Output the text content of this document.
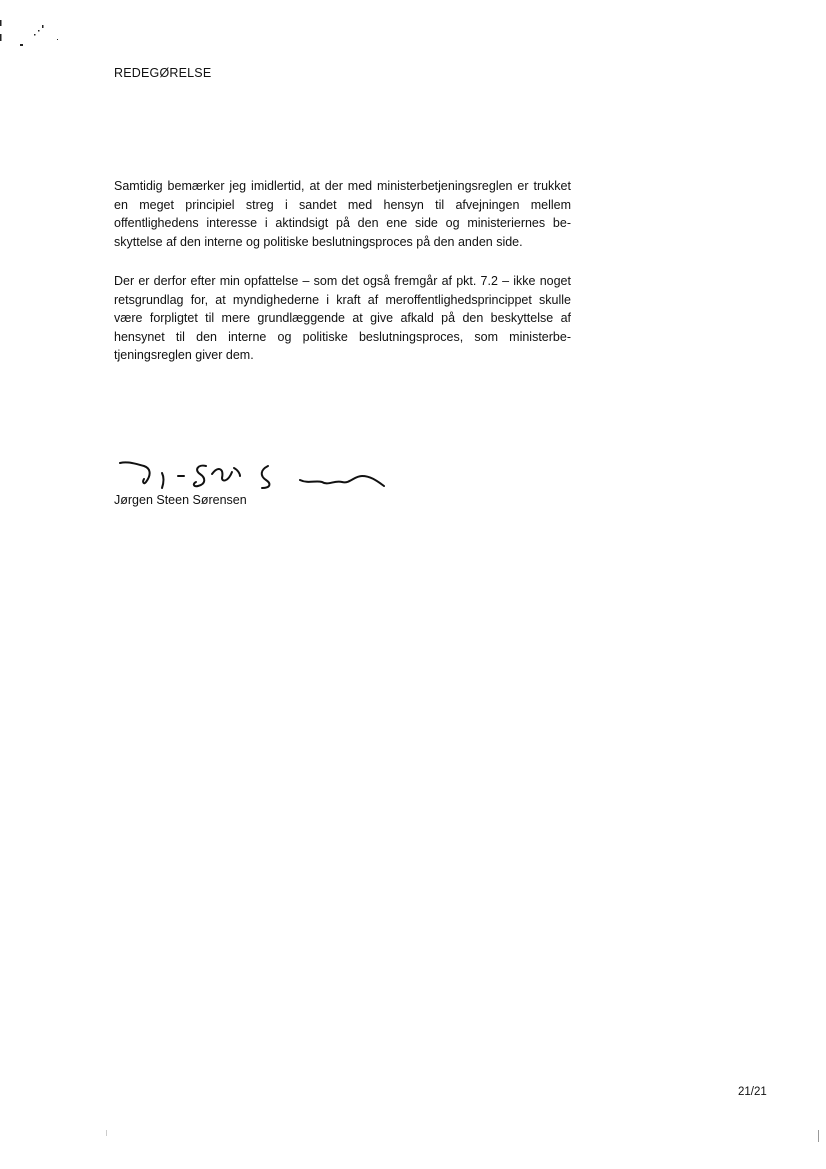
REDEGØRELSE

Samtidig bemærker jeg imidlertid, at der med ministerbetjeningsreglen er trukket en meget principiel streg i sandet med hensyn til afvejningen mellem offentlighedens interesse i aktindsigt på den ene side og ministeriernes beskyttelse af den interne og politiske beslutningsproces på den anden side.

Der er derfor efter min opfattelse – som det også fremgår af pkt. 7.2 – ikke noget retsgrundlag for, at myndighederne i kraft af meroffentlighedsprincippet skulle være forpligtet til mere grundlæggende at give afkald på den beskyttelse af hensynet til den interne og politiske beslutningsproces, som ministerbetjeningsreglen giver dem.

Jørgen Steen Sørensen
21/21
